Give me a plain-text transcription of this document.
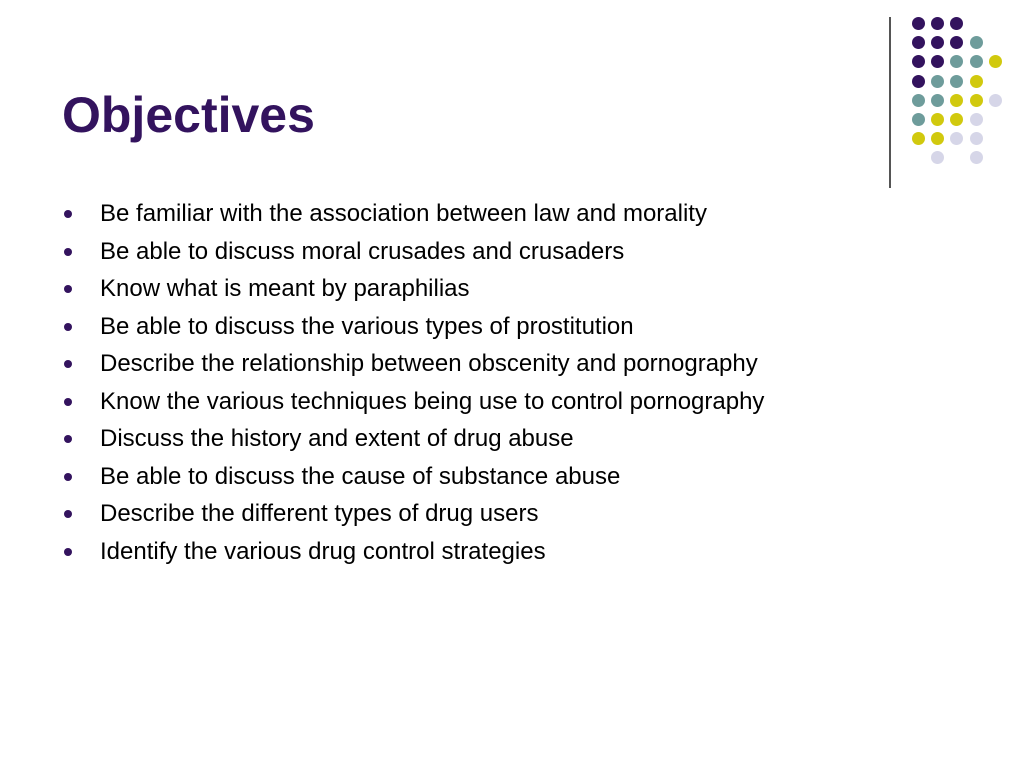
Objectives
Be familiar with the association between law and morality
Be able to discuss moral crusades and crusaders
Know what is meant by paraphilias
Be able to discuss the various types of prostitution
Describe the relationship between obscenity and pornography
Know the various techniques being use to control pornography
Discuss the history and extent of drug abuse
Be able to discuss the cause of substance abuse
Describe the different types of drug users
Identify the various drug control strategies
